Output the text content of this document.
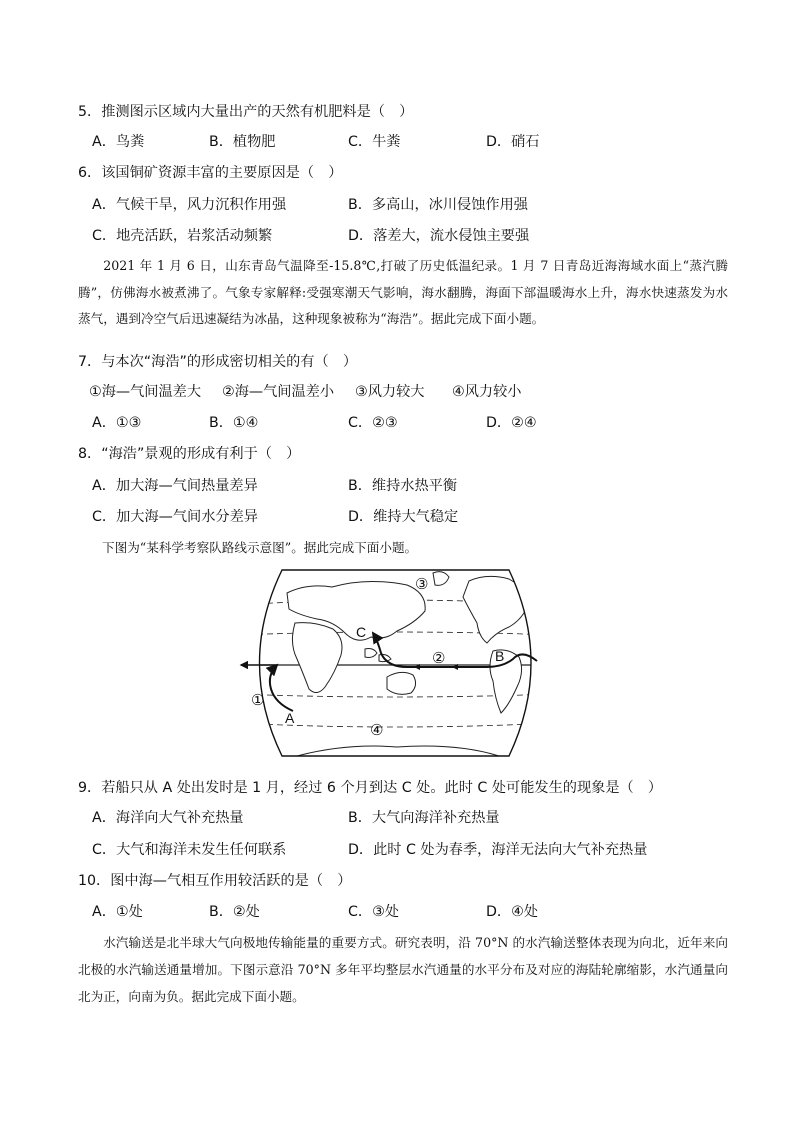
5．推测图示区域内大量出产的天然有机肥料是（　）
A．鸟粪	B．植物肥	C．牛粪	D．硝石
6．该国铜矿资源丰富的主要原因是（　）
A．气候干旱，风力沉积作用强	B．多高山，冰川侵蚀作用强
C．地壳活跃，岩浆活动频繁	D．落差大，流水侵蚀主要强
2021 年 1 月 6 日，山东青岛气温降至-15.8℃,打破了历史低温纪录。1 月 7 日青岛近海海域水面上“蒸汽腾腾”，仿佛海水被煮沸了。气象专家解释:受强寒潮天气影响，海水翻腾，海面下部温暖海水上升，海水快速蒸发为水蒸气，遇到冷空气后迅速凝结为冰晶，这种现象被称为“海浩”。据此完成下面小题。
7．与本次“海浩”的形成密切相关的有（　）
①海—气间温差大 ②海—气间温差小 ③风力较大 ④风力较小
A．①③	B．①④	C．②③	D．②④
8．“海浩”景观的形成有利于（　）
A．加大海—气间热量差异	B．维持水热平衡
C．加大海—气间水分差异	D．维持大气稳定
下图为“某科学考察队路线示意图”。据此完成下面小题。
A
B
C
①
②
③
④
9．若船只从 A 处出发时是 1 月，经过 6 个月到达 C 处。此时 C 处可能发生的现象是（　）
A．海洋向大气补充热量	B．大气向海洋补充热量
C．大气和海洋未发生任何联系	D．此时 C 处为春季，海洋无法向大气补充热量
10．图中海—气相互作用较活跃的是（　）
A．①处	B．②处	C．③处	D．④处
水汽输送是北半球大气向极地传输能量的重要方式。研究表明，沿 70°N 的水汽输送整体表现为向北，近年来向北极的水汽输送通量增加。下图示意沿 70°N 多年平均整层水汽通量的水平分布及对应的海陆轮廓缩影，水汽通量向北为正，向南为负。据此完成下面小题。
